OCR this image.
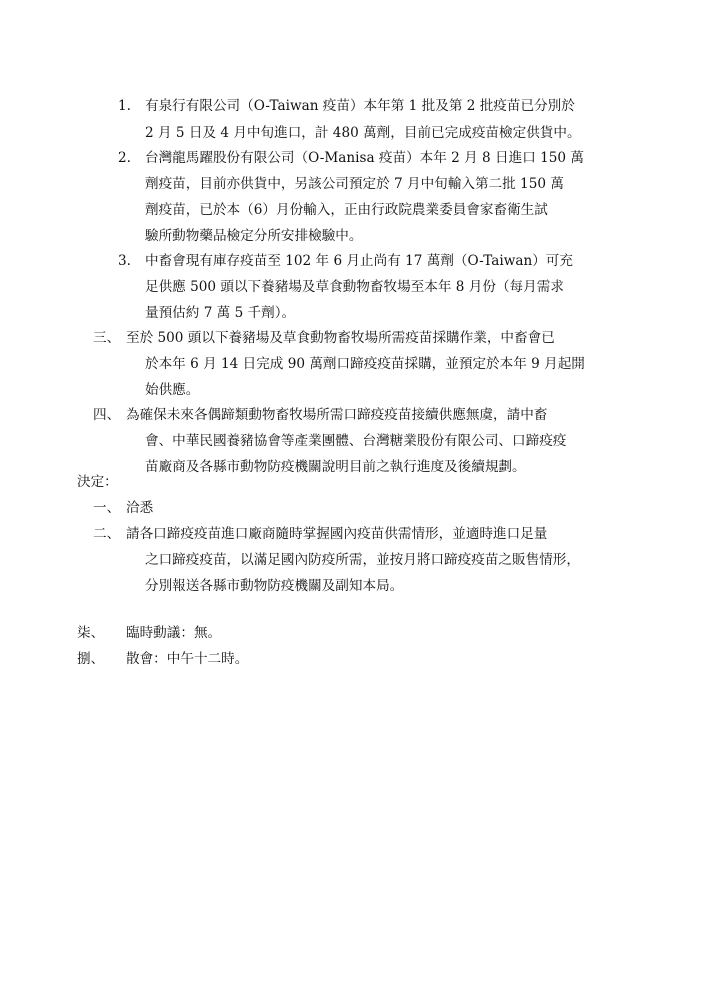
1. 有泉行有限公司（O-Taiwan 疫苗）本年第 1 批及第 2 批疫苗已分別於
2 月 5 日及 4 月中旬進口，計 480 萬劑，目前已完成疫苗檢定供貨中。
2. 台灣龍馬躍股份有限公司（O-Manisa 疫苗）本年 2 月 8 日進口 150 萬
劑疫苗，目前亦供貨中，另該公司預定於 7 月中旬輸入第二批 150 萬
劑疫苗，已於本（6）月份輸入，正由行政院農業委員會家畜衛生試
驗所動物藥品檢定分所安排檢驗中。
3. 中畜會現有庫存疫苗至 102 年 6 月止尚有 17 萬劑（O-Taiwan）可充
足供應 500 頭以下養豬場及草食動物畜牧場至本年 8 月份（每月需求
量預估約 7 萬 5 千劑）。
三、 至於 500 頭以下養豬場及草食動物畜牧場所需疫苗採購作業，中畜會已
於本年 6 月 14 日完成 90 萬劑口蹄疫疫苗採購，並預定於本年 9 月起開
始供應。
四、 為確保未來各偶蹄類動物畜牧場所需口蹄疫疫苗接續供應無虞，請中畜
會、中華民國養豬協會等產業團體、台灣糖業股份有限公司、口蹄疫疫
苗廠商及各縣市動物防疫機關說明目前之執行進度及後續規劃。
決定：
一、 洽悉
二、 請各口蹄疫疫苗進口廠商隨時掌握國內疫苗供需情形，並適時進口足量
之口蹄疫疫苗，以滿足國內防疫所需，並按月將口蹄疫疫苗之販售情形，
分別報送各縣市動物防疫機關及副知本局。
柒、 臨時動議：無。
捌、 散會：中午十二時。
